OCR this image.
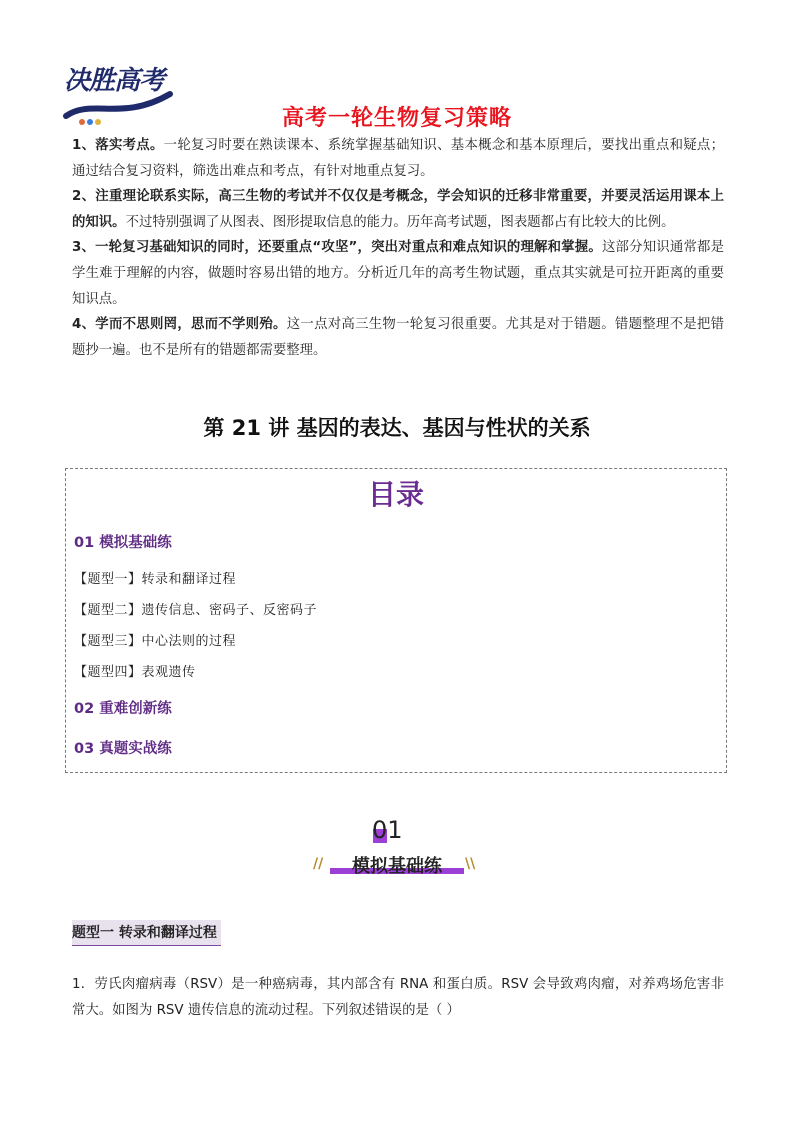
决胜高考
高考一轮生物复习策略

1、落实考点。一轮复习时要在熟读课本、系统掌握基础知识、基本概念和基本原理后，要找出重点和疑点；通过结合复习资料，筛选出难点和考点，有针对地重点复习。

2、注重理论联系实际，高三生物的考试并不仅仅是考概念，学会知识的迁移非常重要，并要灵活运用课本上的知识。不过特别强调了从图表、图形提取信息的能力。历年高考试题，图表题都占有比较大的比例。

3、一轮复习基础知识的同时，还要重点“攻坚”，突出对重点和难点知识的理解和掌握。这部分知识通常都是学生难于理解的内容，做题时容易出错的地方。分析近几年的高考生物试题，重点其实就是可拉开距离的重要知识点。

4、学而不思则罔，思而不学则殆。这一点对高三生物一轮复习很重要。尤其是对于错题。错题整理不是把错题抄一遍。也不是所有的错题都需要整理。

第 21 讲 基因的表达、基因与性状的关系
目录
01 模拟基础练
【题型一】转录和翻译过程
【题型二】遗传信息、密码子、反密码子
【题型三】中心法则的过程
【题型四】表观遗传
02 重难创新练
03 真题实战练
01
//	模拟基础练	\\
题型一 转录和翻译过程
1．劳氏肉瘤病毒（RSV）是一种癌病毒，其内部含有 RNA 和蛋白质。RSV 会导致鸡肉瘤，对养鸡场危害非常大。如图为 RSV 遗传信息的流动过程。下列叙述错误的是（ ）
